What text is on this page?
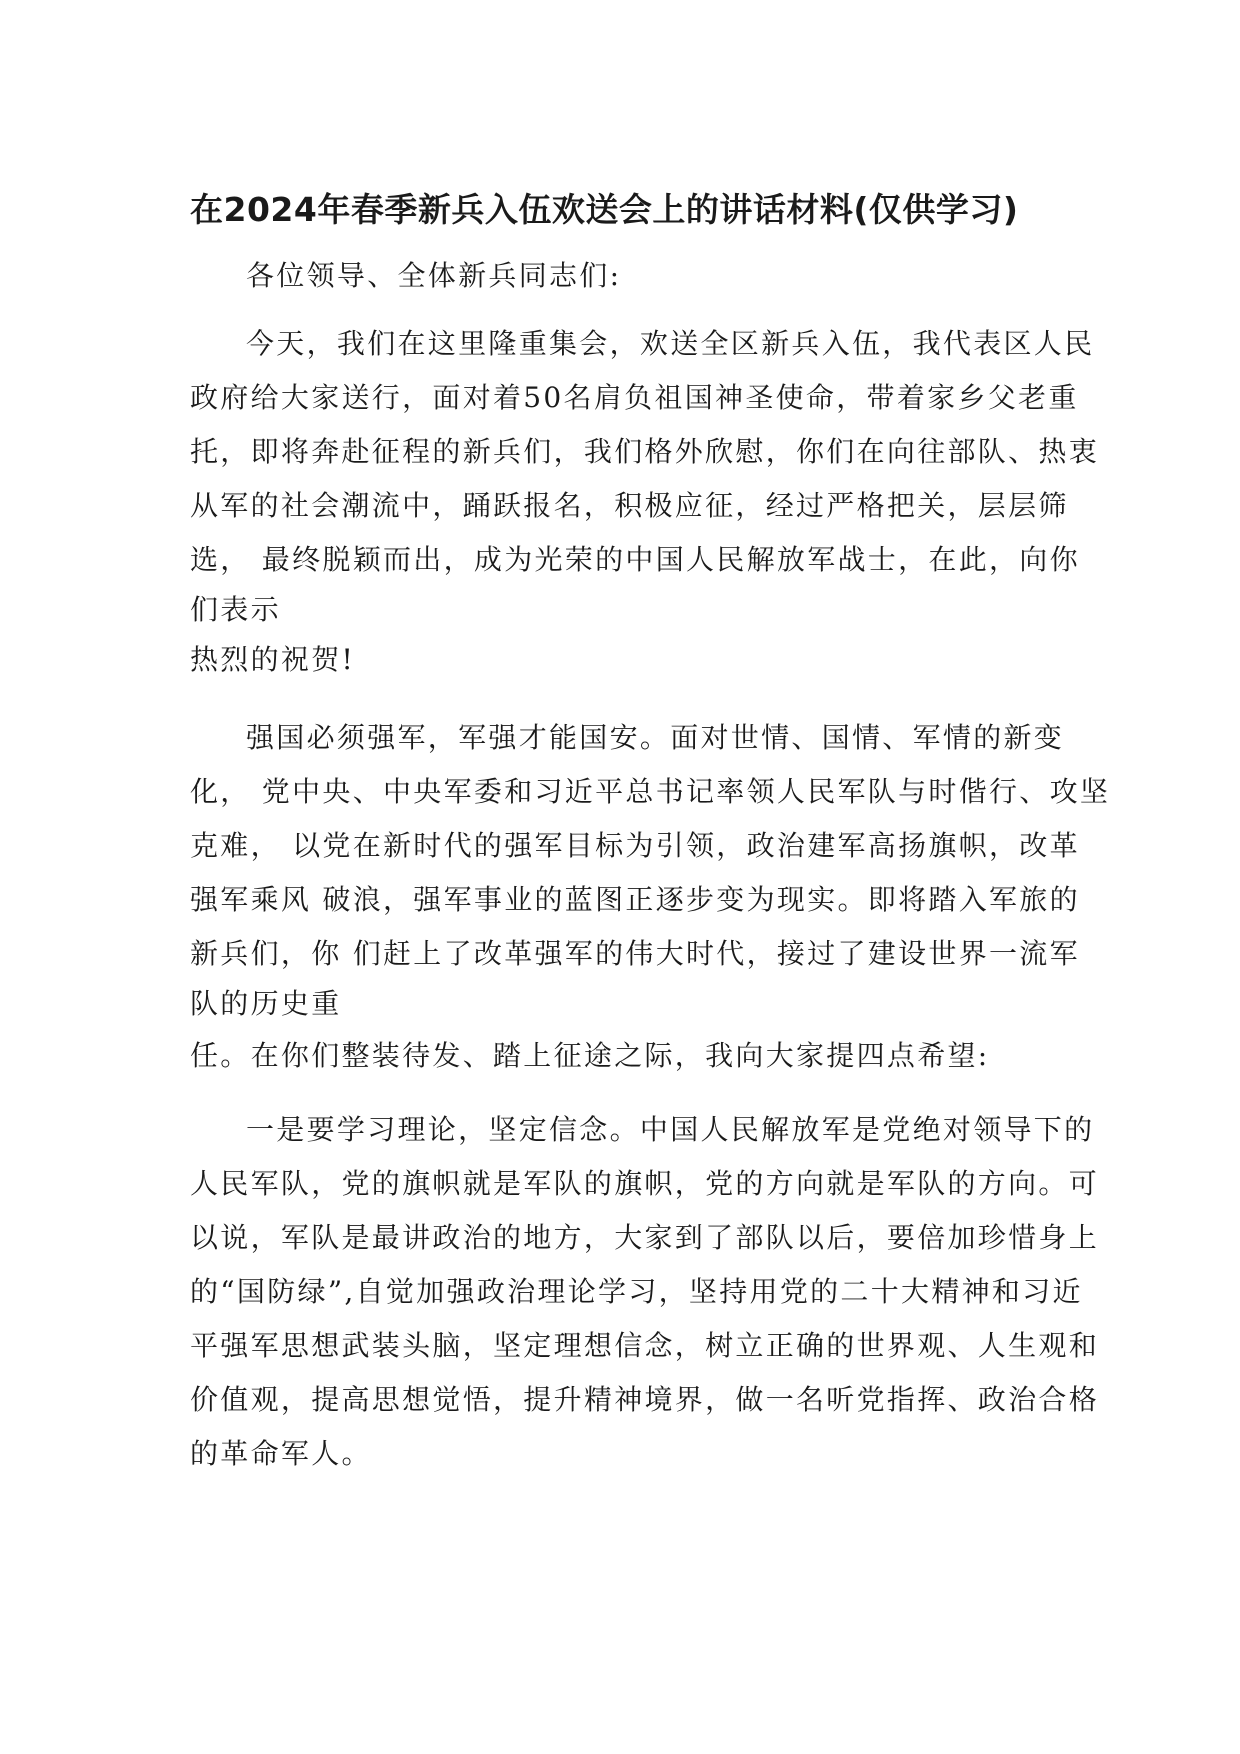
在2024年春季新兵入伍欢送会上的讲话材料(仅供学习)
各位领导、全体新兵同志们:
今天，我们在这里隆重集会，欢送全区新兵入伍，我代表区人民
政府给大家送行，面对着50名肩负祖国神圣使命，带着家乡父老重
托，即将奔赴征程的新兵们，我们格外欣慰，你们在向往部队、热衷
从军的社会潮流中，踊跃报名，积极应征，经过严格把关，层层筛
选， 最终脱颖而出，成为光荣的中国人民解放军战士，在此，向你
们表示
热烈的祝贺!
强国必须强军，军强才能国安。面对世情、国情、军情的新变
化， 党中央、中央军委和习近平总书记率领人民军队与时偕行、攻坚
克难， 以党在新时代的强军目标为引领，政治建军高扬旗帜，改革
强军乘风 破浪，强军事业的蓝图正逐步变为现实。即将踏入军旅的
新兵们，你 们赶上了改革强军的伟大时代，接过了建设世界一流军
队的历史重
任。在你们整装待发、踏上征途之际，我向大家提四点希望:
一是要学习理论，坚定信念。中国人民解放军是党绝对领导下的
人民军队，党的旗帜就是军队的旗帜，党的方向就是军队的方向。可
以说，军队是最讲政治的地方，大家到了部队以后，要倍加珍惜身上
的“国防绿”,自觉加强政治理论学习，坚持用党的二十大精神和习近
平强军思想武装头脑，坚定理想信念，树立正确的世界观、人生观和
价值观，提高思想觉悟，提升精神境界，做一名听党指挥、政治合格
的革命军人。
